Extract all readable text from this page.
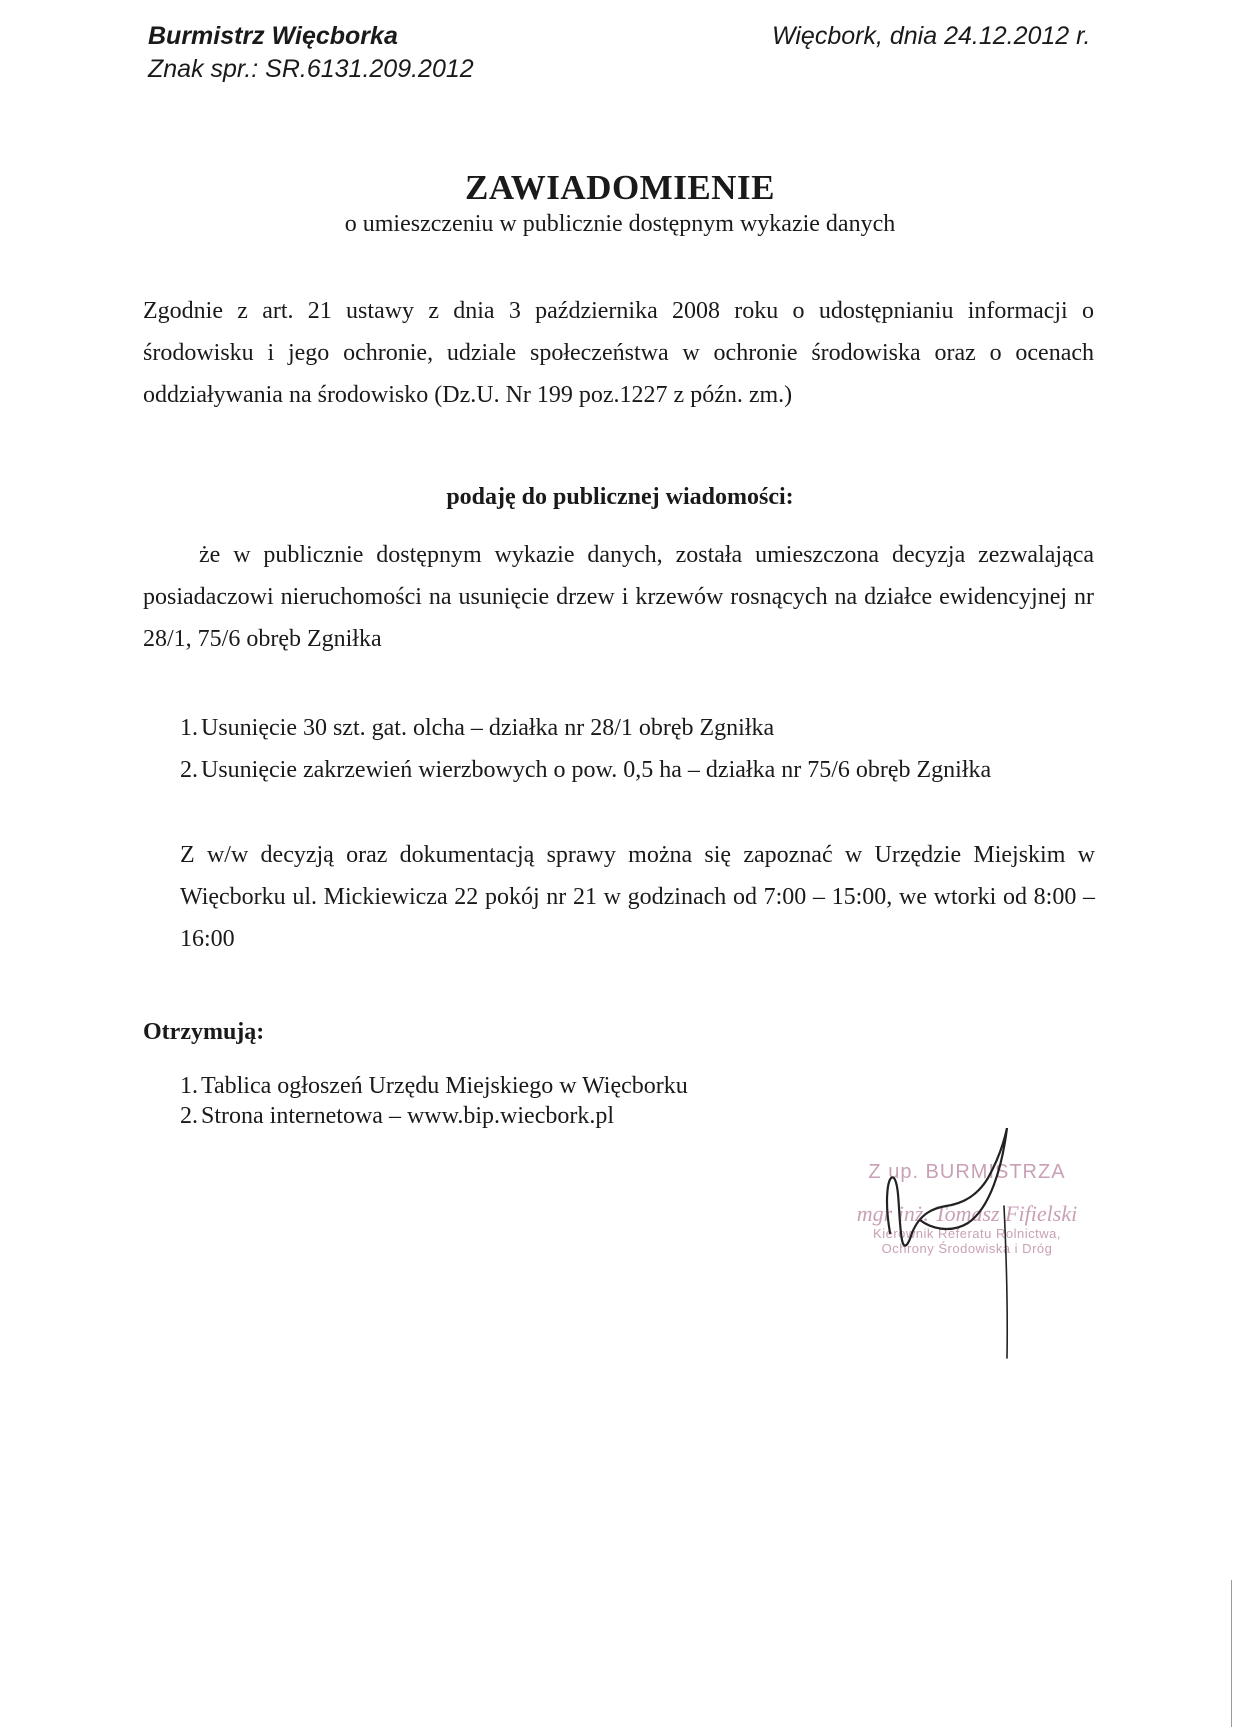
Burmistrz Więcborka
Znak spr.: SR.6131.209.2012
Więcbork, dnia 24.12.2012 r.
ZAWIADOMIENIE
o umieszczeniu w publicznie dostępnym wykazie danych
Zgodnie z art. 21 ustawy z dnia 3 października 2008 roku o udostępnianiu informacji o środowisku i jego ochronie, udziale społeczeństwa w ochronie środowiska oraz o ocenach oddziaływania na środowisko (Dz.U. Nr 199 poz.1227 z późn. zm.)
podaję do publicznej wiadomości:
że w publicznie dostępnym wykazie danych, została umieszczona decyzja zezwalająca posiadaczowi nieruchomości na usunięcie drzew i krzewów rosnących na działce ewidencyjnej nr 28/1, 75/6 obręb Zgniłka
1. Usunięcie 30 szt. gat. olcha – działka nr 28/1 obręb Zgniłka
2. Usunięcie zakrzewień wierzbowych o pow. 0,5 ha – działka nr 75/6 obręb Zgniłka
Z w/w decyzją oraz dokumentacją sprawy można się zapoznać w Urzędzie Miejskim w Więcborku ul. Mickiewicza 22 pokój nr 21 w godzinach od 7:00 – 15:00, we wtorki od 8:00 – 16:00
Otrzymują:
1. Tablica ogłoszeń Urzędu Miejskiego w Więcborku
2. Strona internetowa – www.bip.wiecbork.pl
Z up. BURMISTRZA
mgr inż. Tomasz Fifielski
Kierownik Referatu Rolnictwa,
Ochrony Środowiska i Dróg
